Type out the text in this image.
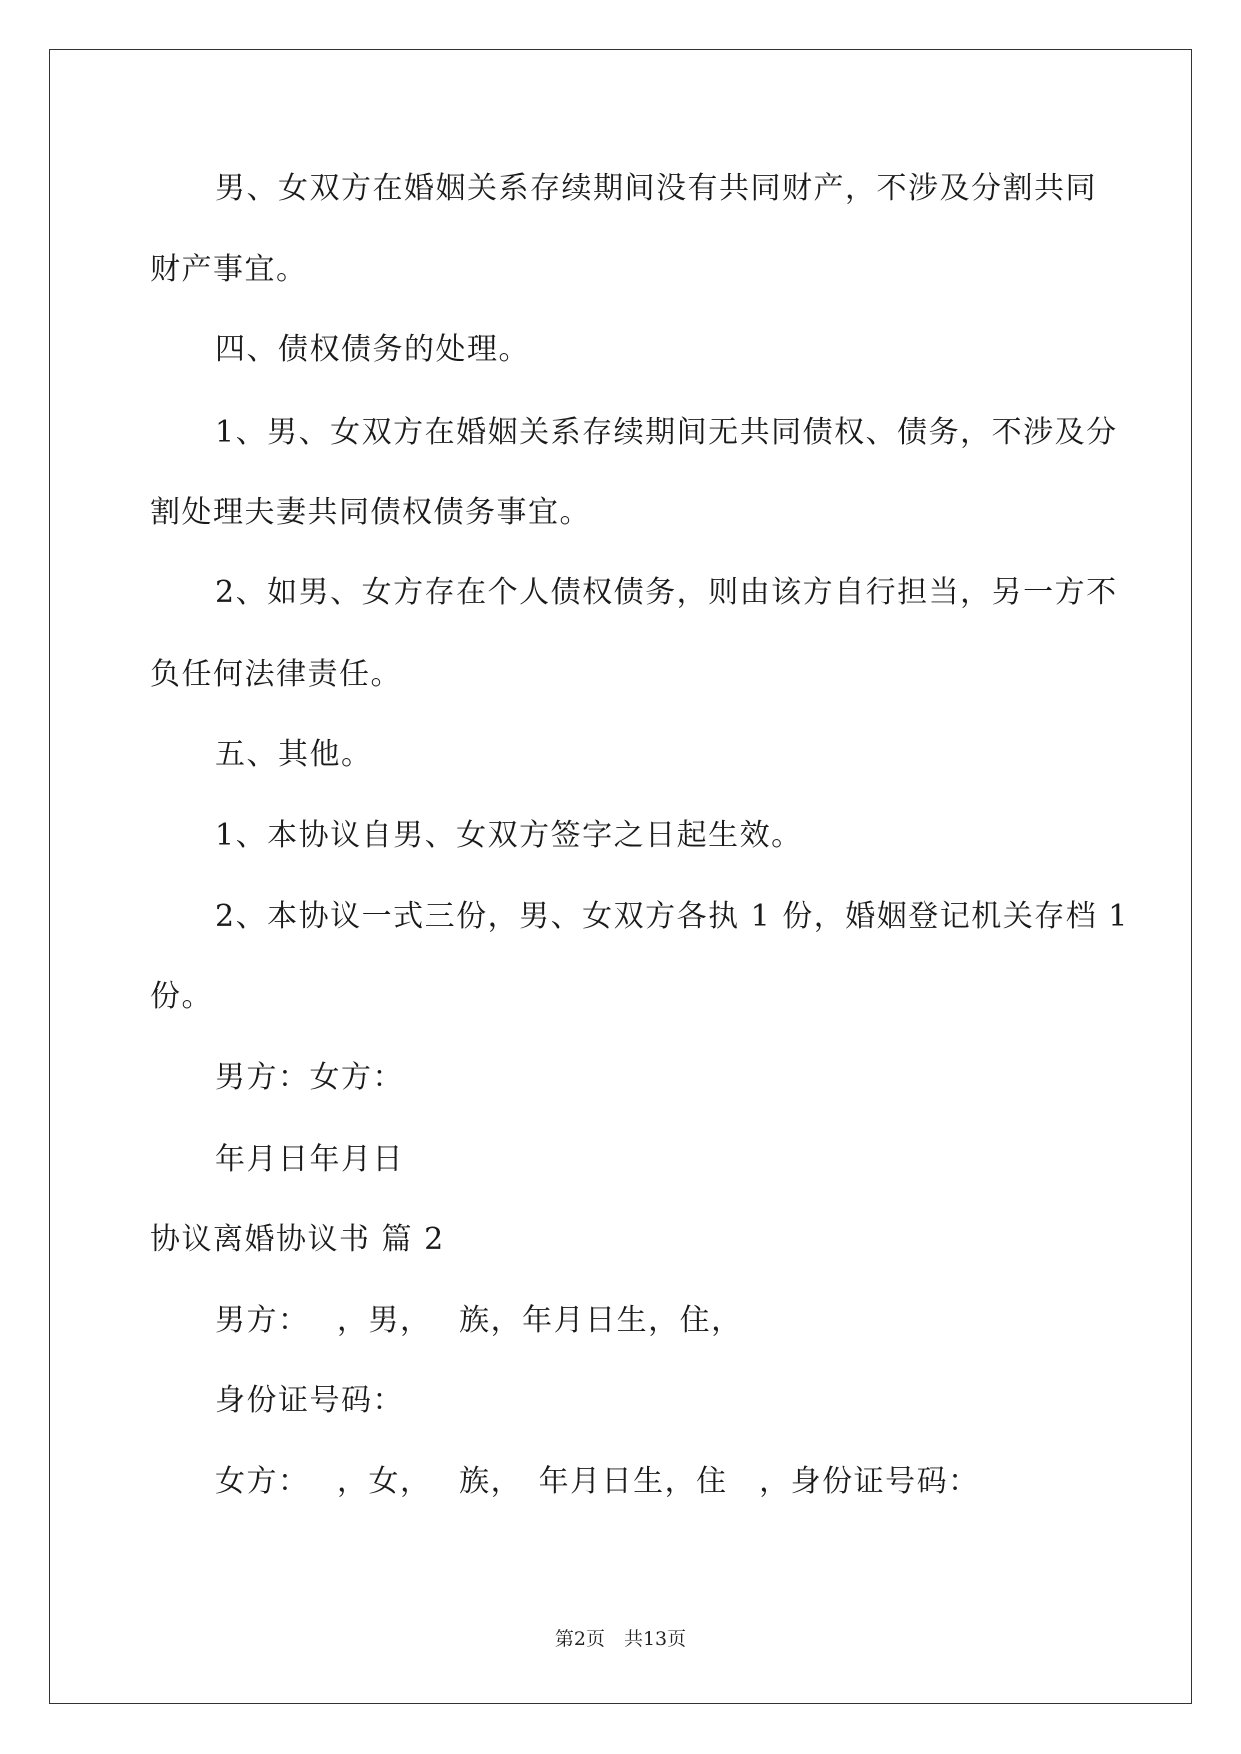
男、女双方在婚姻关系存续期间没有共同财产，不涉及分割共同
财产事宜。
四、债权债务的处理。
1、男、女双方在婚姻关系存续期间无共同债权、债务，不涉及分
割处理夫妻共同债权债务事宜。
2、如男、女方存在个人债权债务，则由该方自行担当，另一方不
负任何法律责任。
五、其他。
1、本协议自男、女双方签字之日起生效。
2、本协议一式三份，男、女双方各执 1 份，婚姻登记机关存档 1
份。
男方：女方：
年月日年月日
协议离婚协议书 篇 2
男方：　 ，男，　 族，年月日生，住，
身份证号码：
女方：　 ，女，　 族，　年月日生，住　，身份证号码：
第2页　共13页
